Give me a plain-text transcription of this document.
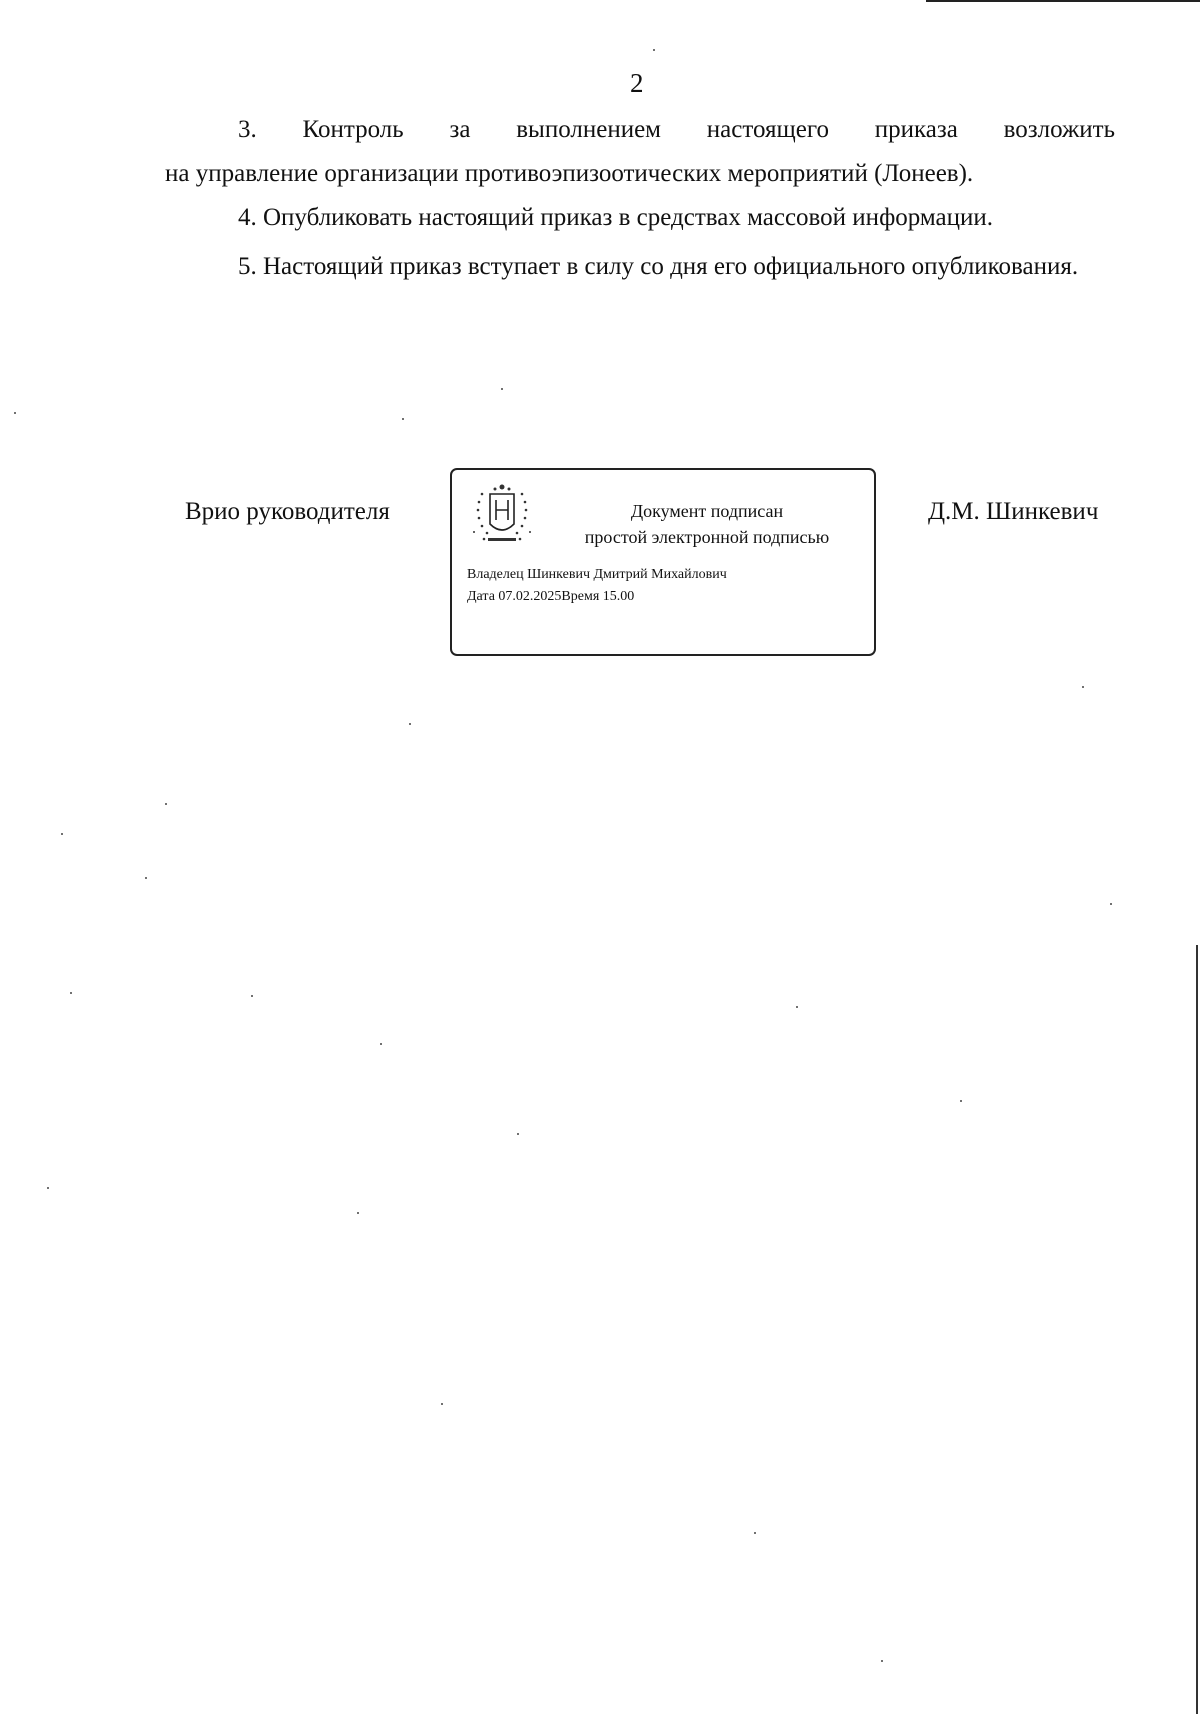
2
3. Контроль за выполнением настоящего приказа возложить
на управление организации противоэпизоотических мероприятий (Лонеев).
4. Опубликовать настоящий приказ в средствах массовой информации.
5. Настоящий приказ вступает в силу со дня его официального опубликования.
Врио руководителя	Документ подписан
простой электронной подписью
Владелец Шинкевич Дмитрий Михайлович
Дата 07.02.2025Время 15.00
Д.М. Шинкевич
